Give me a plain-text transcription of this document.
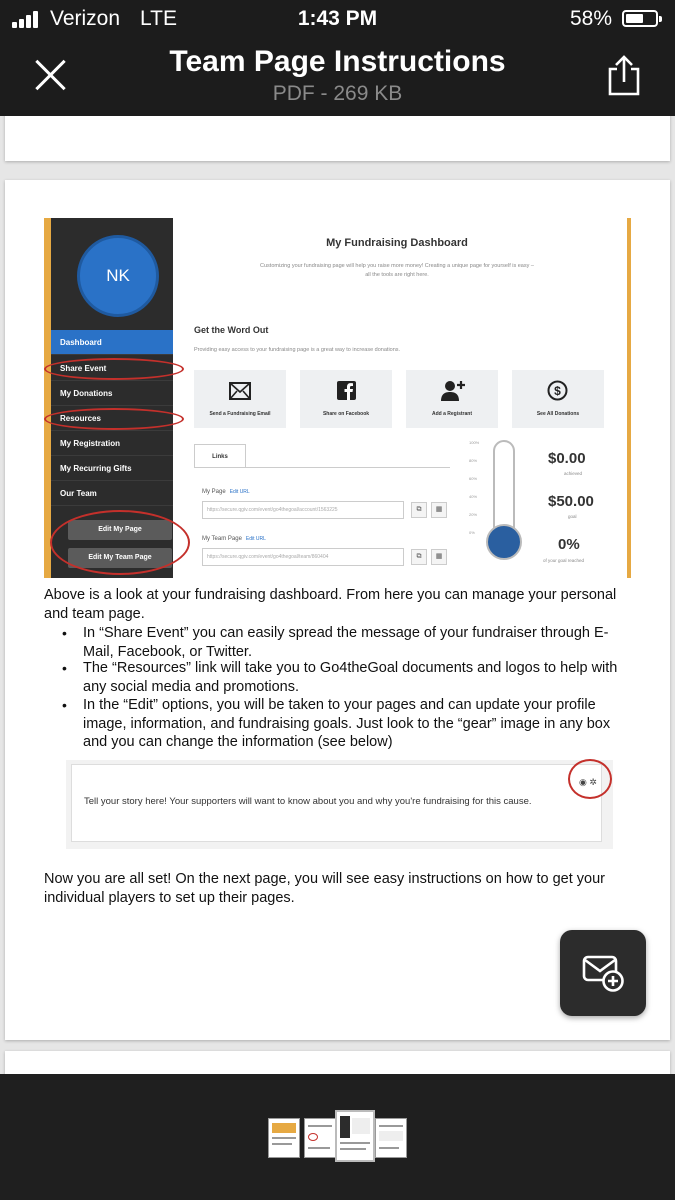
Verizon LTE	1:43 PM	58%
Team Page Instructions
PDF - 269 KB
NK
Dashboard
Share Event
My Donations
Resources
My Registration
My Recurring Gifts
Our Team
Edit My Page
Edit My Team Page
My Fundraising Dashboard
Customizing your fundraising page will help you raise more money! Creating a unique page for yourself is easy – all the tools are right here.
Get the Word Out
Providing easy access to your fundraising page is a great way to increase donations.
Send a Fundraising Email	Share on Facebook	Add a Registrant
$
See All Donations
Links
My Page Edit URL
https://secure.qgiv.com/event/go4thegoal/account/1563225	⧉	▦
My Team Page Edit URL
https://secure.qgiv.com/event/go4thegoal/team/860404	⧉	▦
100%
80%
60%
40%
20%
0%
$0.00
achieved
$50.00
goal
0%
of your goal reached
Above is a look at your fundraising dashboard. From here you can manage your personal and team page.
• In “Share Event” you can easily spread the message of your fundraiser through E-Mail, Facebook, or Twitter.
• The “Resources” link will take you to Go4theGoal documents and logos to help with any social media and promotions.
• In the “Edit” options, you will be taken to your pages and can update your profile image, information, and fundraising goals. Just look to the “gear” image in any box and you can change the information (see below)
Tell your story here! Your supporters will want to know about you and why you're fundraising for this cause.
◉ ✲
Now you are all set! On the next page, you will see easy instructions on how to get your individual players to set up their pages.
